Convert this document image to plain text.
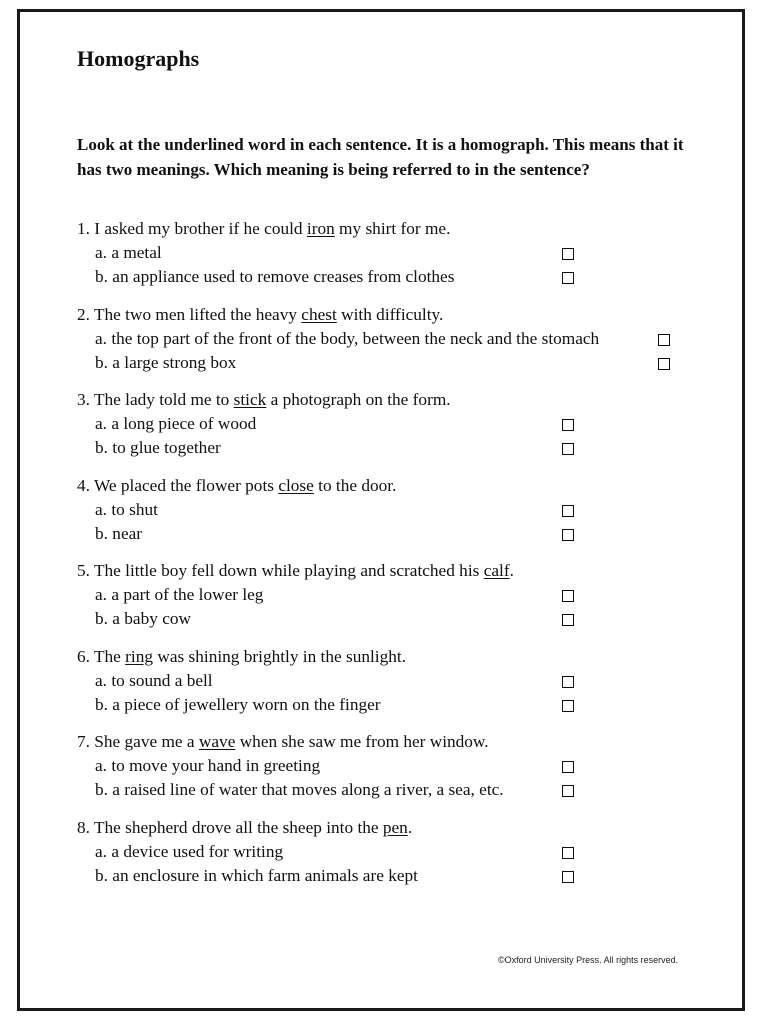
Homographs

Look at the underlined word in each sentence. It is a homograph. This means that it has two meanings. Which meaning is being referred to in the sentence?

1. I asked my brother if he could iron my shirt for me.
a. a metal
b. an appliance used to remove creases from clothes
2. The two men lifted the heavy chest with difficulty.
a. the top part of the front of the body, between the neck and the stomach
b. a large strong box
3. The lady told me to stick a photograph on the form.
a. a long piece of wood
b. to glue together
4. We placed the flower pots close to the door.
a. to shut
b. near
5. The little boy fell down while playing and scratched his calf.
a. a part of the lower leg
b. a baby cow
6. The ring was shining brightly in the sunlight.
a. to sound a bell
b. a piece of jewellery worn on the finger
7. She gave me a wave when she saw me from her window.
a. to move your hand in greeting
b. a raised line of water that moves along a river, a sea, etc.
8. The shepherd drove all the sheep into the pen.
a. a device used for writing
b. an enclosure in which farm animals are kept
©Oxford University Press. All rights reserved.
